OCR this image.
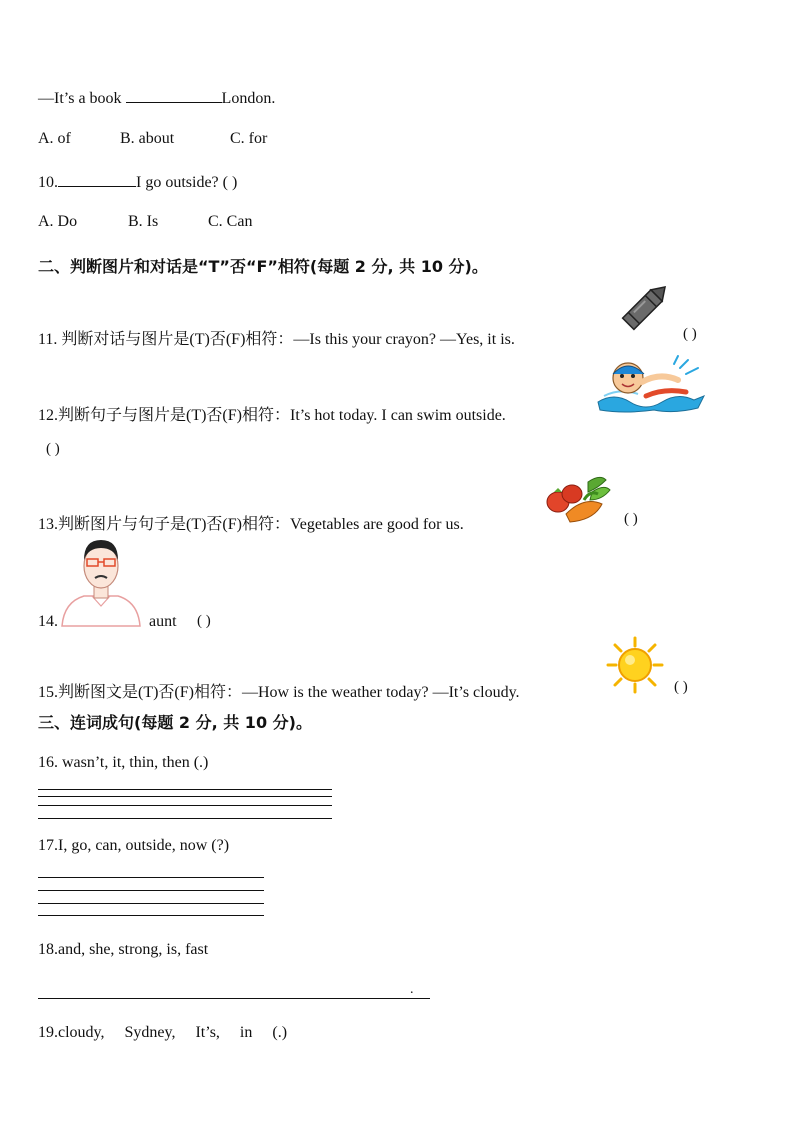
—It’s a book	London.
A. of	B. about	C. for
10.	I go outside? ( )
A. Do	B. Is	C. Can
二、判断图片和对话是“T”否“F”相符(每题 2 分, 共 10 分)。
11. 判断对话与图片是(T)否(F)相符：—Is this your crayon? —Yes, it is.	( )
12.判断句子与图片是(T)否(F)相符：It’s hot today. I can swim outside.
( )
13.判断图片与句子是(T)否(F)相符：Vegetables are good for us.	( )
14.	aunt ( )
15.判断图文是(T)否(F)相符：—How is the weather today? —It’s cloudy.	( )
三、连词成句(每题 2 分, 共 10 分)。
16. wasn’t, it, thin, then (.)
17.I, go, can, outside, now (?)
18.and, she, strong, is, fast
.
19.cloudy,     Sydney,     It’s,     in     (.)
